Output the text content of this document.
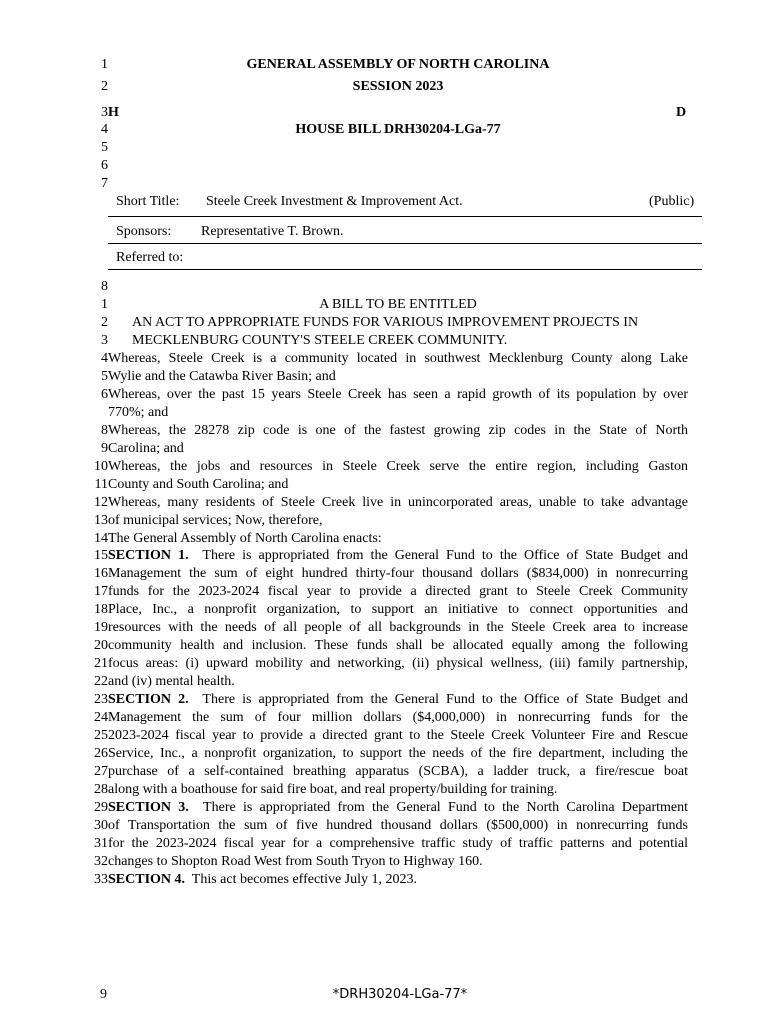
1	GENERAL ASSEMBLY OF NORTH CAROLINA
2	SESSION 2023
3 H	D
4	HOUSE BILL DRH30204-LGa-77
5
6
7
Short Title: Steele Creek Investment & Improvement Act.	(Public)
Sponsors: Representative T. Brown.
Referred to:
8
1	A BILL TO BE ENTITLED
2 AN ACT TO APPROPRIATE FUNDS FOR VARIOUS IMPROVEMENT PROJECTS IN
3 MECKLENBURG COUNTY'S STEELE CREEK COMMUNITY.
4 Whereas, Steele Creek is a community located in southwest Mecklenburg County along Lake
5 Wylie and the Catawba River Basin; and
6 Whereas, over the past 15 years Steele Creek has seen a rapid growth of its population by over
770%; and
8 Whereas, the 28278 zip code is one of the fastest growing zip codes in the State of North
9 Carolina; and
10 Whereas, the jobs and resources in Steele Creek serve the entire region, including Gaston
11 County and South Carolina; and
12 Whereas, many residents of Steele Creek live in unincorporated areas, unable to take advantage
13 of municipal services; Now, therefore,
14 The General Assembly of North Carolina enacts:
15 SECTION 1.  There is appropriated from the General Fund to the Office of State Budget and
16 Management the sum of eight hundred thirty-four thousand dollars ($834,000) in nonrecurring
17 funds for the 2023-2024 fiscal year to provide a directed grant to Steele Creek Community
18 Place, Inc., a nonprofit organization, to support an initiative to connect opportunities and
19 resources with the needs of all people of all backgrounds in the Steele Creek area to increase
20 community health and inclusion. These funds shall be allocated equally among the following
21 focus areas: (i) upward mobility and networking, (ii) physical wellness, (iii) family partnership,
22 and (iv) mental health.
23 SECTION 2.  There is appropriated from the General Fund to the Office of State Budget and
24 Management the sum of four million dollars ($4,000,000) in nonrecurring funds for the
25 2023-2024 fiscal year to provide a directed grant to the Steele Creek Volunteer Fire and Rescue
26 Service, Inc., a nonprofit organization, to support the needs of the fire department, including the
27 purchase of a self-contained breathing apparatus (SCBA), a ladder truck, a fire/rescue boat
28 along with a boathouse for said fire boat, and real property/building for training.
29 SECTION 3.  There is appropriated from the General Fund to the North Carolina Department
30 of Transportation the sum of five hundred thousand dollars ($500,000) in nonrecurring funds
31 for the 2023-2024 fiscal year for a comprehensive traffic study of traffic patterns and potential
32 changes to Shopton Road West from South Tryon to Highway 160.
33 SECTION 4.  This act becomes effective July 1, 2023.
9	*DRH30204-LGa-77*
